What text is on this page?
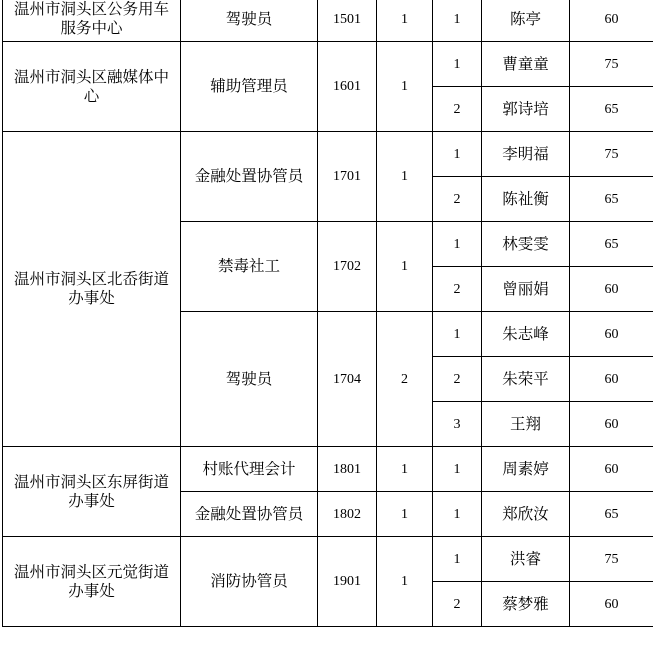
温州市洞头区公务用车服务中心	驾驶员	1501	1	1	陈亭	60
温州市洞头区融媒体中心	辅助管理员	1601	1	1	曹童童	75
				2	郭诗培	65
温州市洞头区北岙街道办事处	金融处置协管员	1701	1	1	李明福	75
				2	陈祉衡	65
	禁毒社工	1702	1	1	林雯雯	65
				2	曾丽娟	60
	驾驶员	1704	2	1	朱志峰	60
				2	朱荣平	60
				3	王翔	60
温州市洞头区东屏街道办事处	村账代理会计	1801	1	1	周素婷	60
	金融处置协管员	1802	1	1	郑欣汝	65
温州市洞头区元觉街道办事处	消防协管员	1901	1	1	洪睿	75
				2	蔡梦雅	60
